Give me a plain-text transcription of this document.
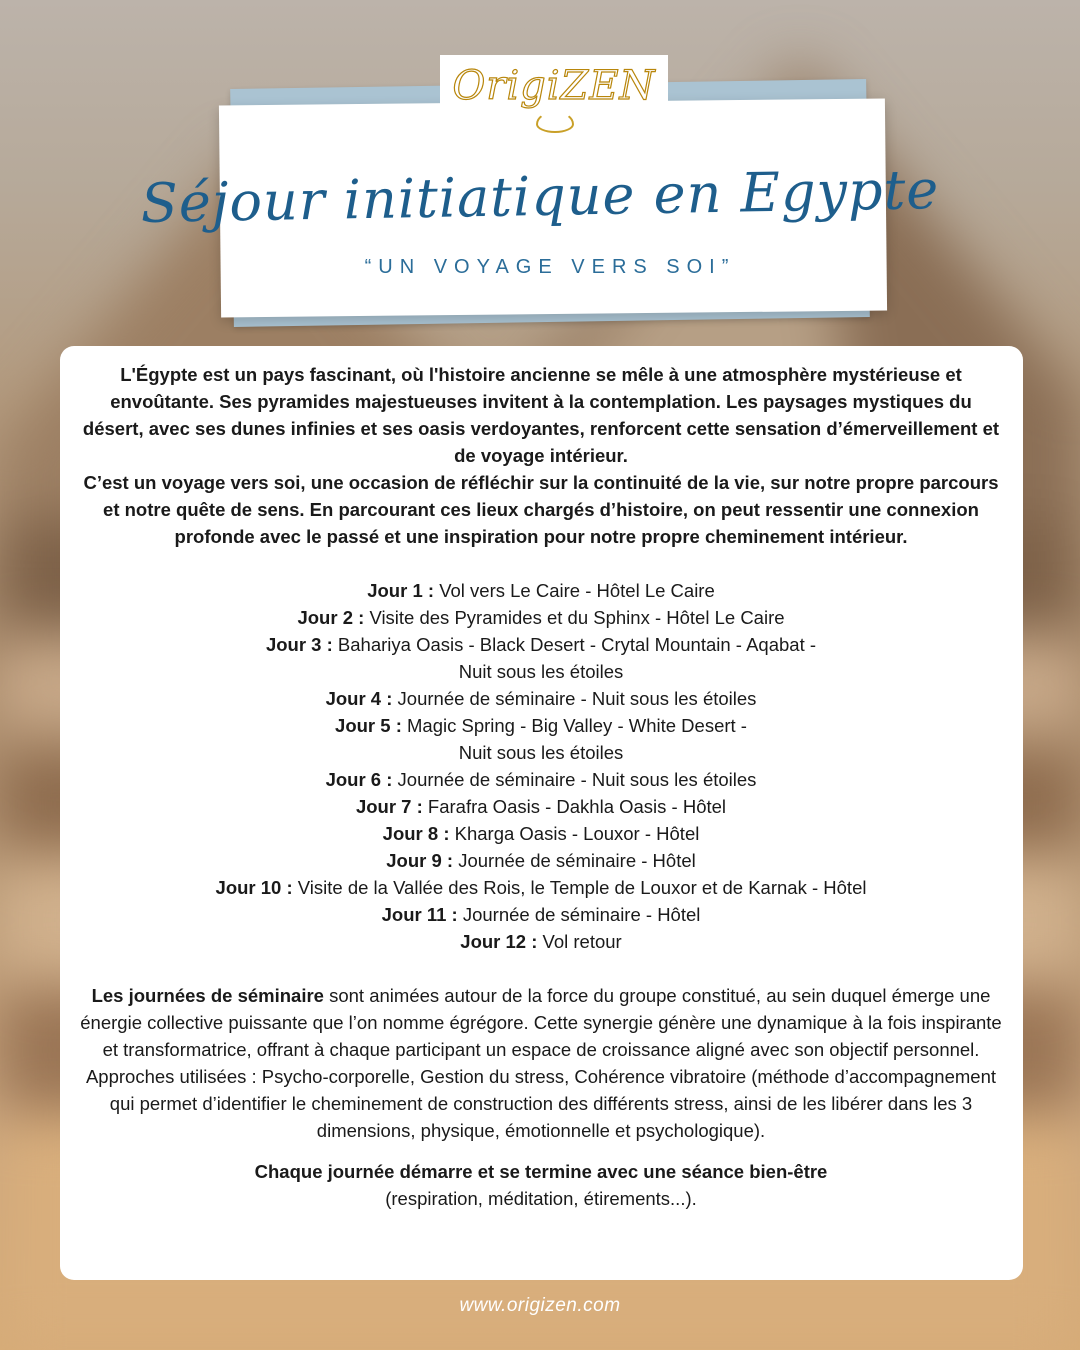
OrigiZEN
Séjour initiatique en Egypte
“UN VOYAGE VERS SOI”

L'Égypte est un pays fascinant, où l'histoire ancienne se mêle à une atmosphère mystérieuse et envoûtante. Ses pyramides majestueuses invitent à la contemplation. Les paysages mystiques du désert, avec ses dunes infinies et ses oasis verdoyantes, renforcent cette sensation d’émerveillement et de voyage intérieur.

C’est un voyage vers soi, une occasion de réfléchir sur la continuité de la vie, sur notre propre parcours et notre quête de sens. En parcourant ces lieux chargés d’histoire, on peut ressentir une connexion profonde avec le passé et une inspiration pour notre propre cheminement intérieur.

Jour 1 : Vol vers Le Caire - Hôtel Le Caire

Jour 2 : Visite des Pyramides et du Sphinx - Hôtel Le Caire

Jour 3 : Bahariya Oasis - Black Desert - Crytal Mountain - Aqabat -

Nuit sous les étoiles

Jour 4 : Journée de séminaire - Nuit sous les étoiles

Jour 5 : Magic Spring - Big Valley - White Desert -

Nuit sous les étoiles

Jour 6 : Journée de séminaire - Nuit sous les étoiles

Jour 7 : Farafra Oasis - Dakhla Oasis - Hôtel

Jour 8 : Kharga Oasis - Louxor - Hôtel

Jour 9 : Journée de séminaire - Hôtel

Jour 10 : Visite de la Vallée des Rois, le Temple de Louxor et de Karnak - Hôtel

Jour 11 : Journée de séminaire - Hôtel

Jour 12 : Vol retour

Les journées de séminaire sont animées autour de la force du groupe constitué, au sein duquel émerge une énergie collective puissante que l’on nomme égrégore. Cette synergie génère une dynamique à la fois inspirante et transformatrice, offrant à chaque participant un espace de croissance aligné avec son objectif personnel.

Approches utilisées : Psycho-corporelle, Gestion du stress, Cohérence vibratoire (méthode d’accompagnement qui permet d’identifier le cheminement de construction des différents stress, ainsi de les libérer dans les 3 dimensions, physique, émotionnelle et psychologique).

Chaque journée démarre et se termine avec une séance bien-être

(respiration, méditation, étirements...).

www.origizen.com
